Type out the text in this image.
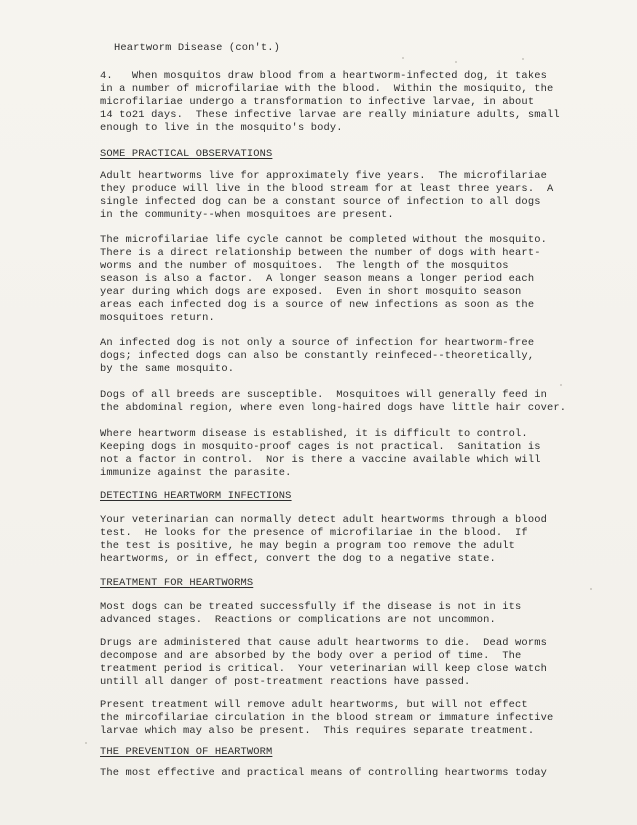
Heartworm Disease (con't.)
4.   When mosquitos draw blood from a heartworm-infected dog, it takes
in a number of microfilariae with the blood.  Within the mosiquito, the
microfilariae undergo a transformation to infective larvae, in about
14 to21 days.  These infective larvae are really miniature adults, small
enough to live in the mosquito's body.
SOME PRACTICAL OBSERVATIONS
Adult heartworms live for approximately five years.  The microfilariae
they produce will live in the blood stream for at least three years.  A
single infected dog can be a constant source of infection to all dogs
in the community--when mosquitoes are present.
The microfilariae life cycle cannot be completed without the mosquito.
There is a direct relationship between the number of dogs with heart-
worms and the number of mosquitoes.  The length of the mosquitos
season is also a factor.  A longer season means a longer period each
year during which dogs are exposed.  Even in short mosquito season
areas each infected dog is a source of new infections as soon as the
mosquitoes return.
An infected dog is not only a source of infection for heartworm-free
dogs; infected dogs can also be constantly reinfeced--theoretically,
by the same mosquito.
Dogs of all breeds are susceptible.  Mosquitoes will generally feed in
the abdominal region, where even long-haired dogs have little hair cover.
Where heartworm disease is established, it is difficult to control.
Keeping dogs in mosquito-proof cages is not practical.  Sanitation is
not a factor in control.  Nor is there a vaccine available which will
immunize against the parasite.
DETECTING HEARTWORM INFECTIONS
Your veterinarian can normally detect adult heartworms through a blood
test.  He looks for the presence of microfilariae in the blood.  If
the test is positive, he may begin a program too remove the adult
heartworms, or in effect, convert the dog to a negative state.
TREATMENT FOR HEARTWORMS
Most dogs can be treated successfully if the disease is not in its
advanced stages.  Reactions or complications are not uncommon.
Drugs are administered that cause adult heartworms to die.  Dead worms
decompose and are absorbed by the body over a period of time.  The
treatment period is critical.  Your veterinarian will keep close watch
untill all danger of post-treatment reactions have passed.
Present treatment will remove adult heartworms, but will not effect
the mircofilariae circulation in the blood stream or immature infective
larvae which may also be present.  This requires separate treatment.
THE PREVENTION OF HEARTWORM
The most effective and practical means of controlling heartworms today
